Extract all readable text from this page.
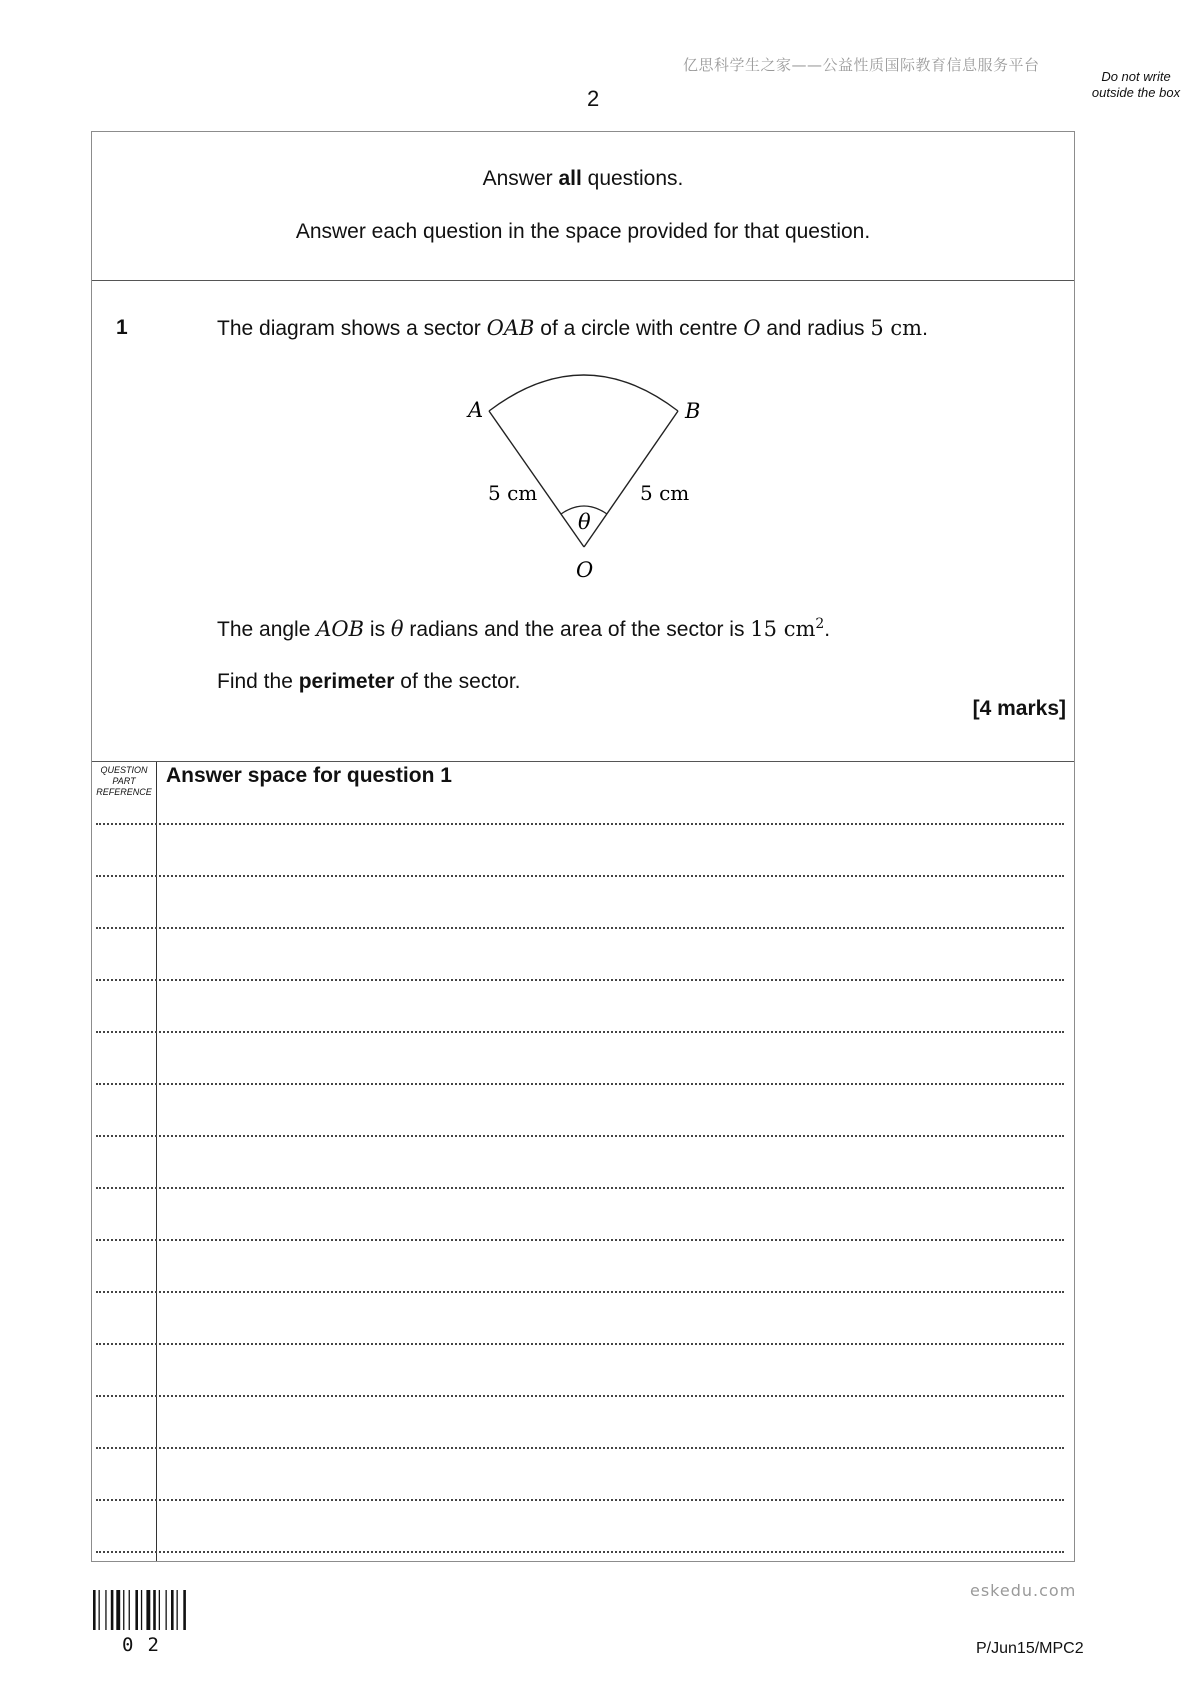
亿思科学生之家——公益性质国际教育信息服务平台
2
Do not write outside the box
Answer all questions.
Answer each question in the space provided for that question.
1	The diagram shows a sector OAB of a circle with centre O and radius 5 cm.
A	B
O
θ
5 cm	5 cm
The angle AOB is θ radians and the area of the sector is 15 $cm^2$.
Find the perimeter of the sector.
[4 marks]
QUESTION PART REFERENCE
Answer space for question 1
02
eskedu.com
P/Jun15/MPC2
